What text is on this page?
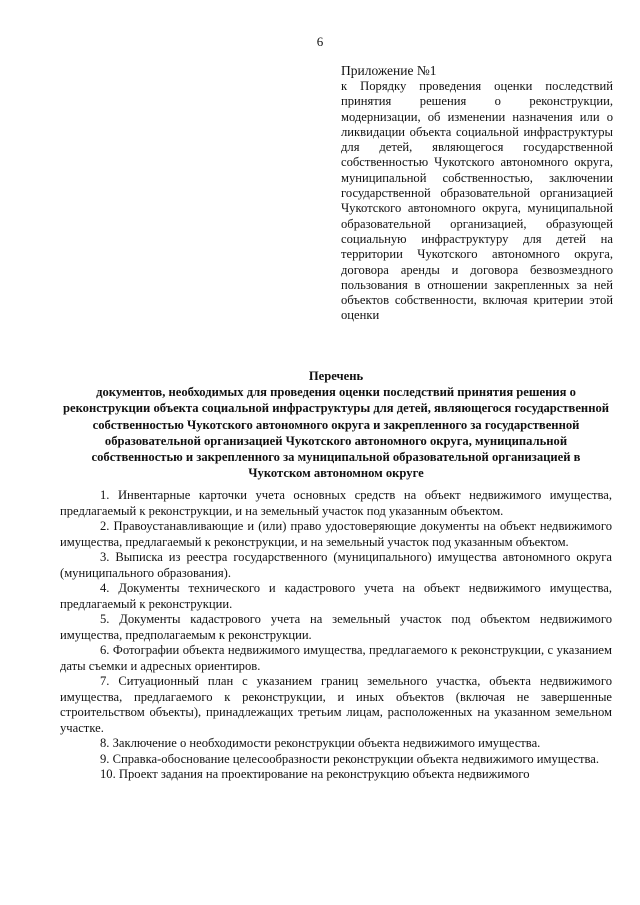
6

Приложение №1

к Порядку проведения оценки последствий принятия решения о реконструкции, модернизации, об изменении назначения или о ликвидации объекта социальной инфраструктуры для детей, являющегося государственной собственностью Чукотского автономного округа, муниципальной собственностью, заключении государственной образовательной организацией Чукотского автономного округа, муниципальной образовательной организацией, образующей социальную инфраструктуру для детей на территории Чукотского автономного округа, договора аренды и договора безвозмездного пользования в отношении закрепленных за ней объектов собственности, включая критерии этой оценки

Перечень

документов, необходимых для проведения оценки последствий принятия решения о реконструкции объекта социальной инфраструктуры для детей, являющегося государственной собственностью Чукотского автономного округа и закрепленного за государственной образовательной организацией Чукотского автономного округа, муниципальной собственностью и закрепленного за муниципальной образовательной организацией в Чукотском автономном округе

1. Инвентарные карточки учета основных средств на объект недвижимого имущества, предлагаемый к реконструкции, и на земельный участок под указанным объектом.

2. Правоустанавливающие и (или) право удостоверяющие документы на объект недвижимого имущества, предлагаемый к реконструкции, и на земельный участок под указанным объектом.

3. Выписка из реестра государственного (муниципального) имущества автономного округа (муниципального образования).

4. Документы технического и кадастрового учета на объект недвижимого имущества, предлагаемый к реконструкции.

5. Документы кадастрового учета на земельный участок под объектом недвижимого имущества, предполагаемым к реконструкции.

6. Фотографии объекта недвижимого имущества, предлагаемого к реконструкции, с указанием даты съемки и адресных ориентиров.

7. Ситуационный план с указанием границ земельного участка, объекта недвижимого имущества, предлагаемого к реконструкции, и иных объектов (включая не завершенные строительством объекты), принадлежащих третьим лицам, расположенных на указанном земельном участке.

8. Заключение о необходимости реконструкции объекта недвижимого имущества.

9. Справка-обоснование целесообразности реконструкции объекта недвижимого имущества.

10. Проект задания на проектирование на реконструкцию объекта недвижимого
